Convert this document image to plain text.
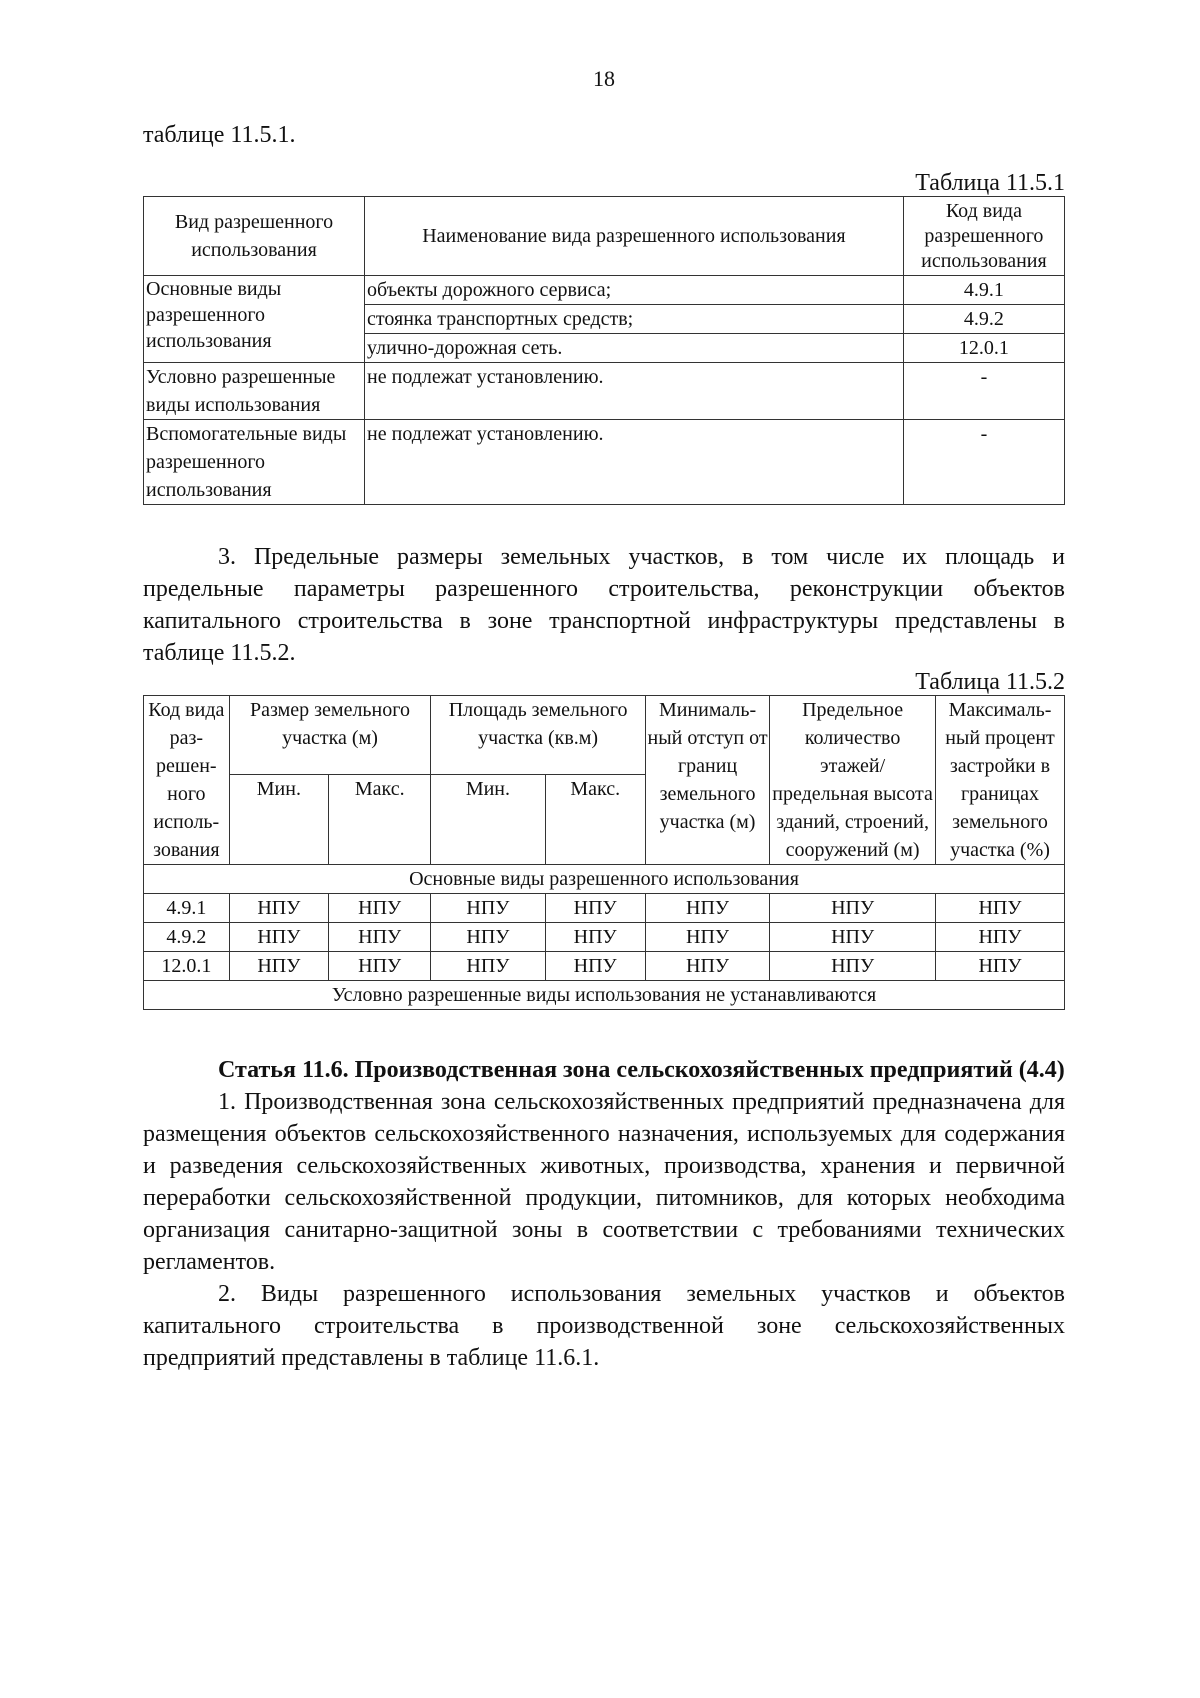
18

таблице 11.5.1.

Таблица 11.5.1
Вид разрешенного использования	Наименование вида разрешенного использования	Код вида разрешенного использования
Основные виды разрешенного использования	объекты дорожного сервиса;	4.9.1
	стоянка транспортных средств;	4.9.2
	улично-дорожная сеть.	12.0.1
Условно разрешенные виды использования	не подлежат установлению.	-
Вспомогательные виды разрешенного использования	не подлежат установлению.	-

3. Предельные размеры земельных участков, в том числе их площадь и предельные параметры разрешенного строительства, реконструкции объектов капитального строительства в зоне транспортной инфраструктуры представлены в таблице 11.5.2.

Таблица 11.5.2
Код вида раз-решен-ного исполь-зования	Размер земельного участка (м)		Площадь земельного участка (кв.м)		Минималь-ный отступ от границ земельного участка (м)	Предельное количество этажей/ предельная высота зданий, строений, сооружений (м)	Максималь-ный процент застройки в границах земельного участка (%)
	Мин.	Макс.	Мин.	Макс.			
Основные виды разрешенного использования							
4.9.1	НПУ	НПУ	НПУ	НПУ	НПУ	НПУ	НПУ
4.9.2	НПУ	НПУ	НПУ	НПУ	НПУ	НПУ	НПУ
12.0.1	НПУ	НПУ	НПУ	НПУ	НПУ	НПУ	НПУ
Условно разрешенные виды использования не устанавливаются							

Статья 11.6. Производственная зона сельскохозяйственных предприятий (4.4)

1. Производственная зона сельскохозяйственных предприятий предназначена для размещения объектов сельскохозяйственного назначения, используемых для содержания и разведения сельскохозяйственных животных, производства, хранения и первичной переработки сельскохозяйственной продукции, питомников, для которых необходима организация санитарно-защитной зоны в соответствии с требованиями технических регламентов.

2. Виды разрешенного использования земельных участков и объектов капитального строительства в производственной зоне сельскохозяйственных предприятий представлены в таблице 11.6.1.
